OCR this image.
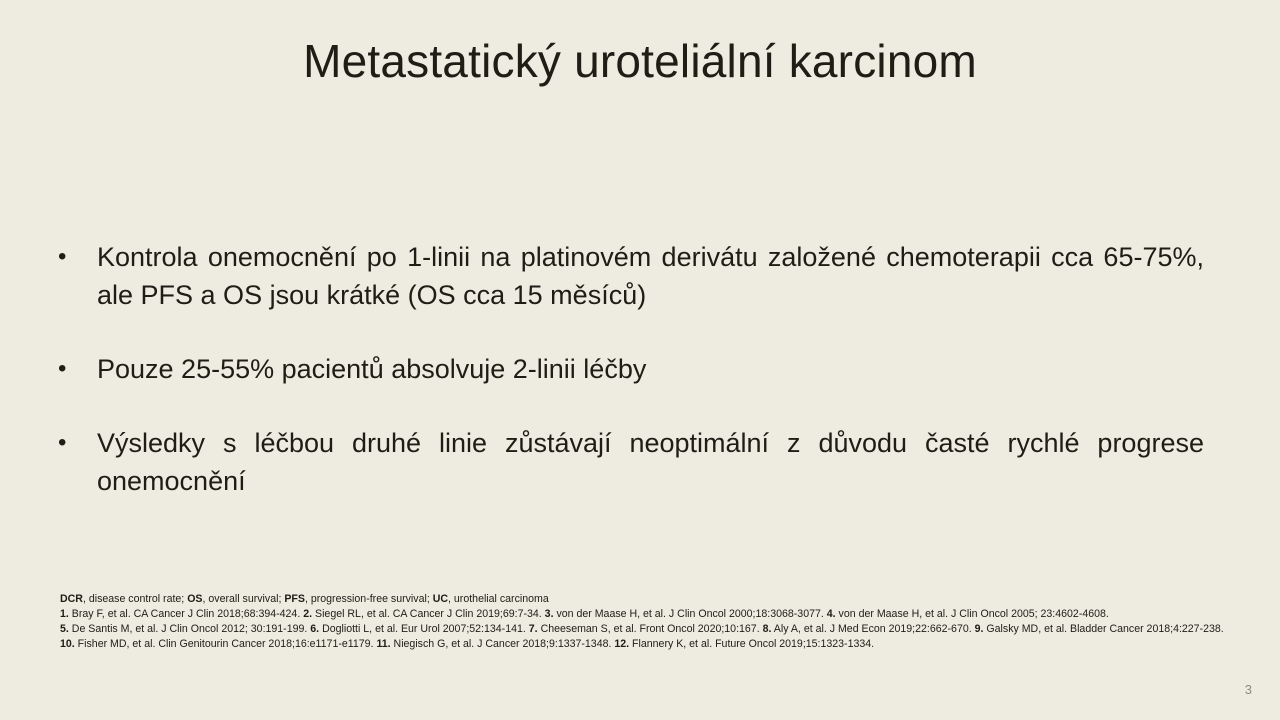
Metastatický uroteliální karcinom
• Kontrola onemocnění po 1-linii na platinovém derivátu založené chemoterapii cca 65-75%, ale PFS a OS jsou krátké (OS cca 15 měsíců)
• Pouze 25-55% pacientů absolvuje 2-linii léčby
• Výsledky s léčbou druhé linie zůstávají neoptimální z důvodu časté rychlé progrese onemocnění

DCR, disease control rate; OS, overall survival; PFS, progression-free survival; UC, urothelial carcinoma

1. Bray F, et al. CA Cancer J Clin 2018;68:394-424. 2. Siegel RL, et al. CA Cancer J Clin 2019;69:7-34. 3. von der Maase H, et al. J Clin Oncol 2000;18:3068-3077. 4. von der Maase H, et al. J Clin Oncol 2005; 23:4602-4608.
5. De Santis M, et al. J Clin Oncol 2012; 30:191-199. 6. Dogliotti L, et al. Eur Urol 2007;52:134-141. 7. Cheeseman S, et al. Front Oncol 2020;10:167. 8. Aly A, et al. J Med Econ 2019;22:662-670. 9. Galsky MD, et al. Bladder Cancer 2018;4:227-238. 10. Fisher MD, et al. Clin Genitourin Cancer 2018;16:e1171-e1179. 11. Niegisch G, et al. J Cancer 2018;9:1337-1348. 12. Flannery K, et al. Future Oncol 2019;15:1323-1334.

3
